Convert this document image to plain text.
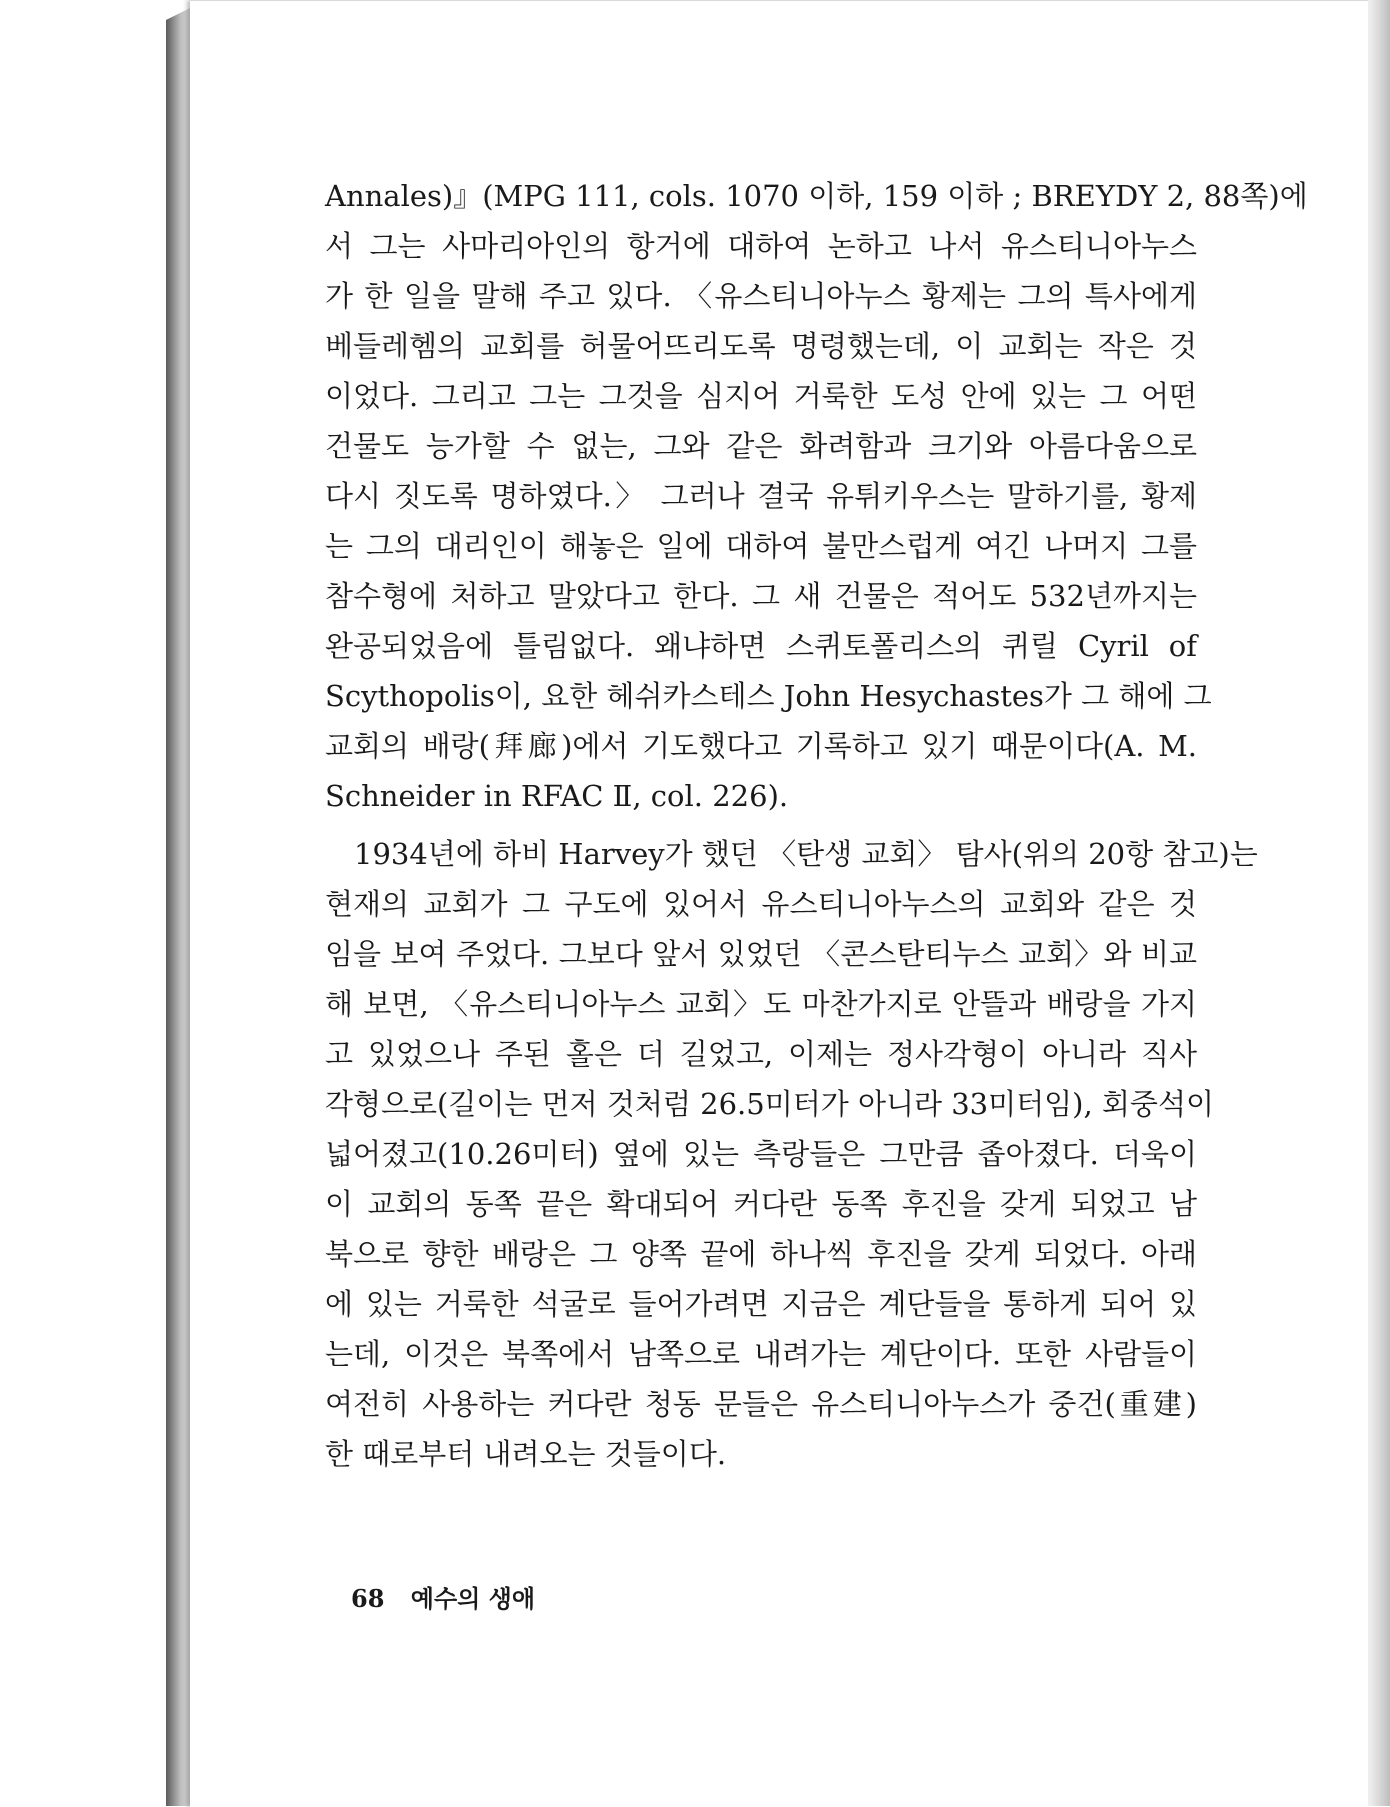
Annales)』(MPG 111, cols. 1070 이하, 159 이하 ; BREYDY 2, 88쪽)에
서 그는 사마리아인의 항거에 대하여 논하고 나서 유스티니아누스
가 한 일을 말해 주고 있다. 〈유스티니아누스 황제는 그의 특사에게
베들레헴의 교회를 허물어뜨리도록 명령했는데, 이 교회는 작은 것
이었다. 그리고 그는 그것을 심지어 거룩한 도성 안에 있는 그 어떤
건물도 능가할 수 없는, 그와 같은 화려함과 크기와 아름다움으로
다시 짓도록 명하였다.〉 그러나 결국 유튀키우스는 말하기를, 황제
는 그의 대리인이 해놓은 일에 대하여 불만스럽게 여긴 나머지 그를
참수형에 처하고 말았다고 한다. 그 새 건물은 적어도 532년까지는
완공되었음에 틀림없다. 왜냐하면 스퀴토폴리스의 퀴릴 Cyril of
Scythopolis이, 요한 헤쉬카스테스 John Hesychastes가 그 해에 그
교회의 배랑(拜廊)에서 기도했다고 기록하고 있기 때문이다(A. M.
Schneider in RFAC Ⅱ, col. 226).
　1934년에 하비 Harvey가 했던 〈탄생 교회〉 탐사(위의 20항 참고)는
현재의 교회가 그 구도에 있어서 유스티니아누스의 교회와 같은 것
임을 보여 주었다. 그보다 앞서 있었던 〈콘스탄티누스 교회〉와 비교
해 보면, 〈유스티니아누스 교회〉도 마찬가지로 안뜰과 배랑을 가지
고 있었으나 주된 홀은 더 길었고, 이제는 정사각형이 아니라 직사
각형으로(길이는 먼저 것처럼 26.5미터가 아니라 33미터임), 회중석이
넓어졌고(10.26미터) 옆에 있는 측랑들은 그만큼 좁아졌다. 더욱이
이 교회의 동쪽 끝은 확대되어 커다란 동쪽 후진을 갖게 되었고 남
북으로 향한 배랑은 그 양쪽 끝에 하나씩 후진을 갖게 되었다. 아래
에 있는 거룩한 석굴로 들어가려면 지금은 계단들을 통하게 되어 있
는데, 이것은 북쪽에서 남쪽으로 내려가는 계단이다. 또한 사람들이
여전히 사용하는 커다란 청동 문들은 유스티니아누스가 중건(重建)
한 때로부터 내려오는 것들이다.
68 예수의 생애
